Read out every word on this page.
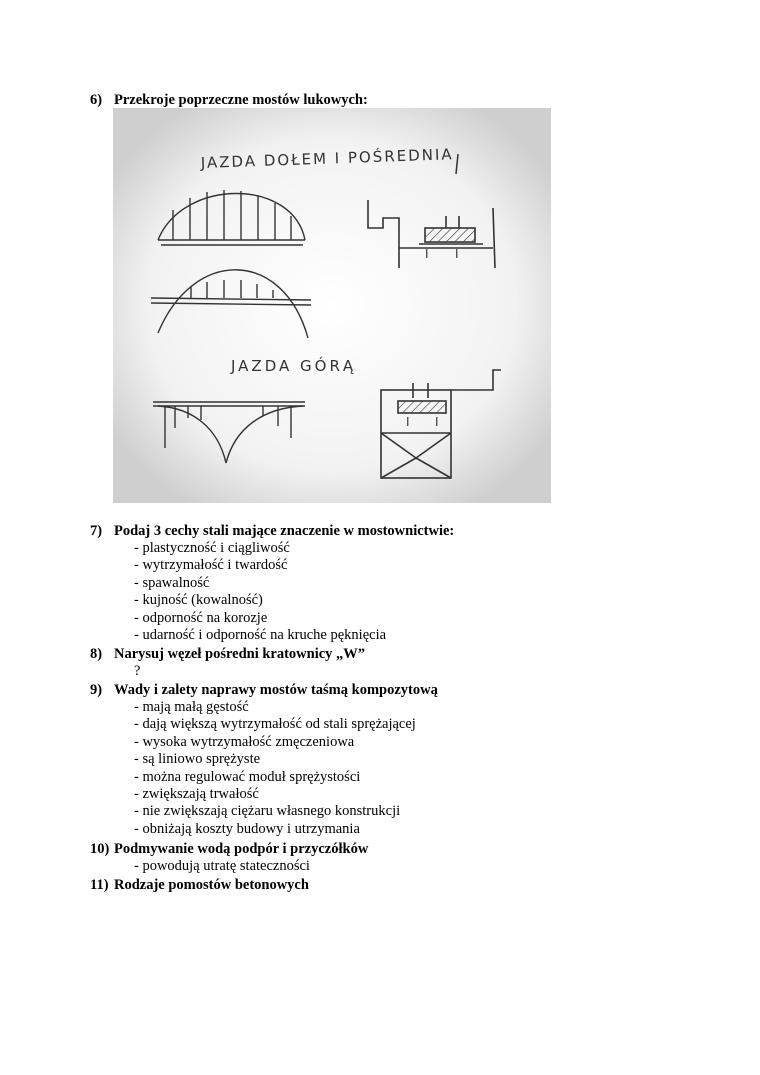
6) Przekroje poprzeczne mostów lukowych:
JAZDA DOŁEM I POŚREDNIA
I I
JAZDA GÓRĄ
I I
7) Podaj 3 cechy stali mające znaczenie w mostownictwie:
- plastyczność i ciągliwość
- wytrzymałość i twardość
- spawalność
- kujność (kowalność)
- odporność na korozje
- udarność i odporność na kruche pęknięcia
8) Narysuj węzeł pośredni kratownicy „W”
?
9) Wady i zalety naprawy mostów taśmą kompozytową
- mają małą gęstość
- dają większą wytrzymałość od stali sprężającej
- wysoka wytrzymałość zmęczeniowa
- są liniowo sprężyste
- można regulować moduł sprężystości
- zwiększają trwałość
- nie zwiększają ciężaru własnego konstrukcji
- obniżają koszty budowy i utrzymania
10) Podmywanie wodą podpór i przyczółków
- powodują utratę stateczności
11) Rodzaje pomostów betonowych
